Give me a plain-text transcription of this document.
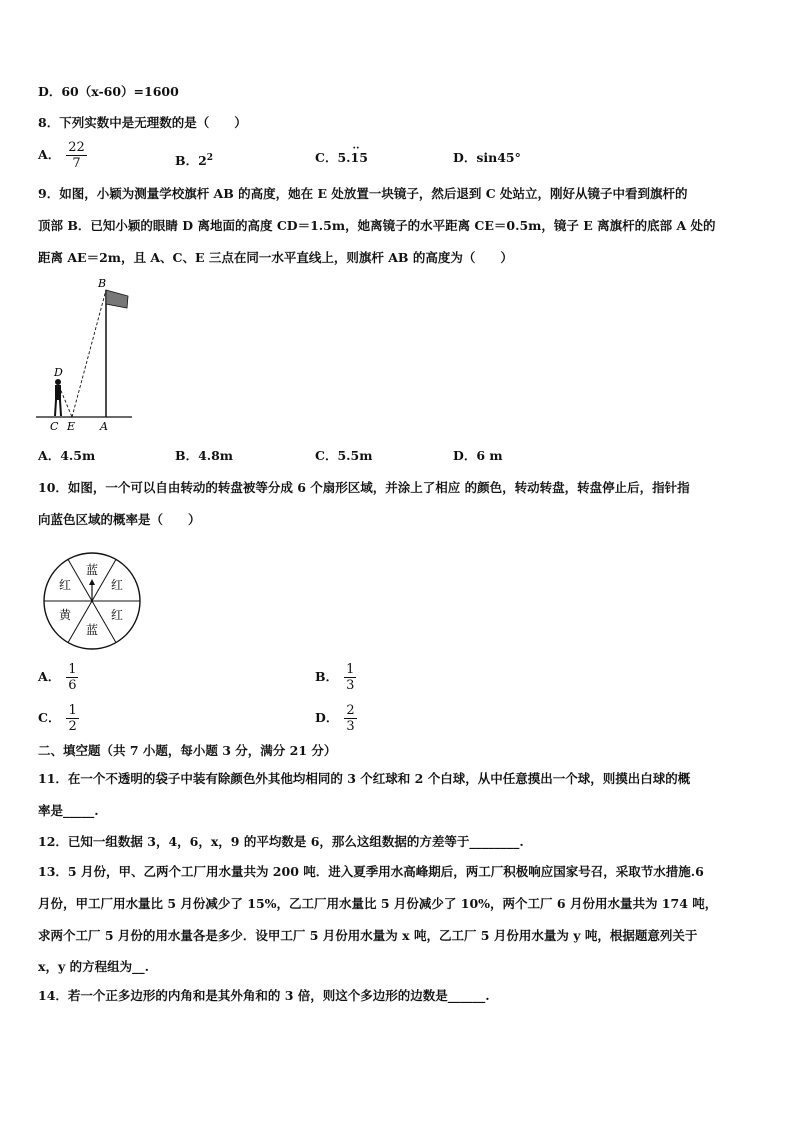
D．60（x-60）=1600
8．下列实数中是无理数的是（　　）
A． $\frac{22}{7}$	B．$2^2$	C．5.·· 15	D．sin45°
9．如图，小颖为测量学校旗杆 AB 的高度，她在 E 处放置一块镜子，然后退到 C 处站立，刚好从镜子中看到旗杆的
顶部 B．已知小颖的眼睛 D 离地面的高度 CD＝1.5m，她离镜子的水平距离 CE＝0.5m，镜子 E 离旗杆的底部 A 处的
距离 AE＝2m，且 A、C、E 三点在同一水平直线上，则旗杆 AB 的高度为（　　）
B
D
C E A
A．4.5m	B．4.8m	C．5.5m	D．6 m
10．如图，一个可以自由转动的转盘被等分成 6 个扇形区域，并涂上了相应 的颜色，转动转盘，转盘停止后，指针指
向蓝色区域的概率是（　　）
蓝
红
红
蓝
黄
红
A． $\frac{1}{6}$	B． $\frac{1}{3}$
C． $\frac{1}{2}$	D． $\frac{2}{3}$
二、填空题（共 7 小题，每小题 3 分，满分 21 分）
11．在一个不透明的袋子中装有除颜色外其他均相同的 3 个红球和 2 个白球，从中任意摸出一个球，则摸出白球的概
率是_____.
12．已知一组数据 3，4，6，x，9 的平均数是 6，那么这组数据的方差等于________.
13．5 月份，甲、乙两个工厂用水量共为 200 吨．进入夏季用水高峰期后，两工厂积极响应国家号召，采取节水措施.6
月份，甲工厂用水量比 5 月份减少了 15%，乙工厂用水量比 5 月份减少了 10%，两个工厂 6 月份用水量共为 174 吨，
求两个工厂 5 月份的用水量各是多少．设甲工厂 5 月份用水量为 x 吨，乙工厂 5 月份用水量为 y 吨，根据题意列关于
x，y 的方程组为__.
14．若一个正多边形的内角和是其外角和的 3 倍，则这个多边形的边数是______.
